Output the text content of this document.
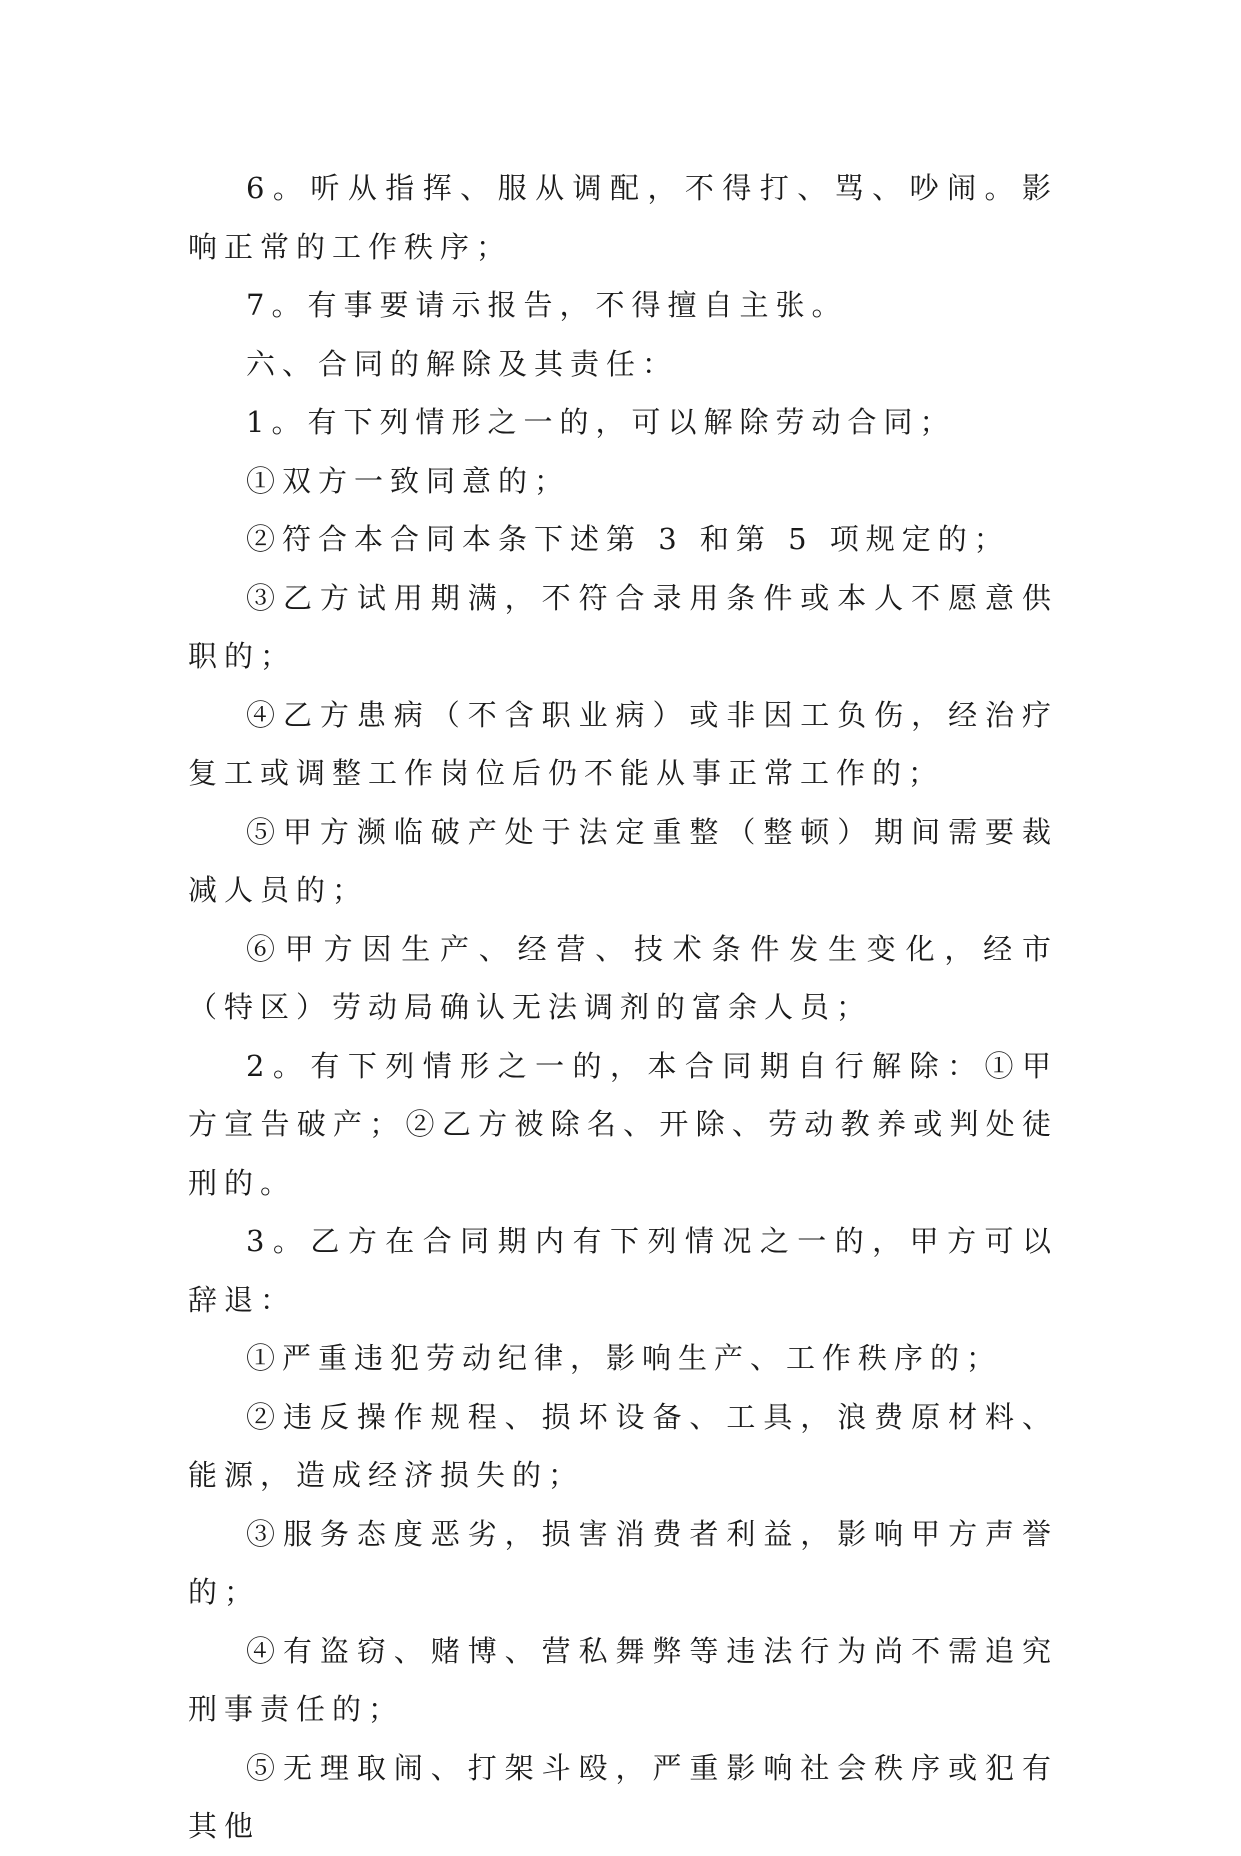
6。听从指挥、服从调配，不得打、骂、吵闹。影响正常的工作秩序；

7。有事要请示报告，不得擅自主张。

六、合同的解除及其责任：

1。有下列情形之一的，可以解除劳动合同；

①双方一致同意的；

②符合本合同本条下述第 3 和第 5 项规定的；

③乙方试用期满，不符合录用条件或本人不愿意供职的；

④乙方患病（不含职业病）或非因工负伤，经治疗复工或调整工作岗位后仍不能从事正常工作的；

⑤甲方濒临破产处于法定重整（整顿）期间需要裁减人员的；

⑥甲方因生产、经营、技术条件发生变化，经市（特区）劳动局确认无法调剂的富余人员；

2。有下列情形之一的，本合同期自行解除：①甲方宣告破产；②乙方被除名、开除、劳动教养或判处徒刑的。

3。乙方在合同期内有下列情况之一的，甲方可以辞退：

①严重违犯劳动纪律，影响生产、工作秩序的；

②违反操作规程、损坏设备、工具，浪费原材料、能源，造成经济损失的；

③服务态度恶劣，损害消费者利益，影响甲方声誉的；

④有盗窃、赌博、营私舞弊等违法行为尚不需追究刑事责任的；

⑤无理取闹、打架斗殴，严重影响社会秩序或犯有其他
